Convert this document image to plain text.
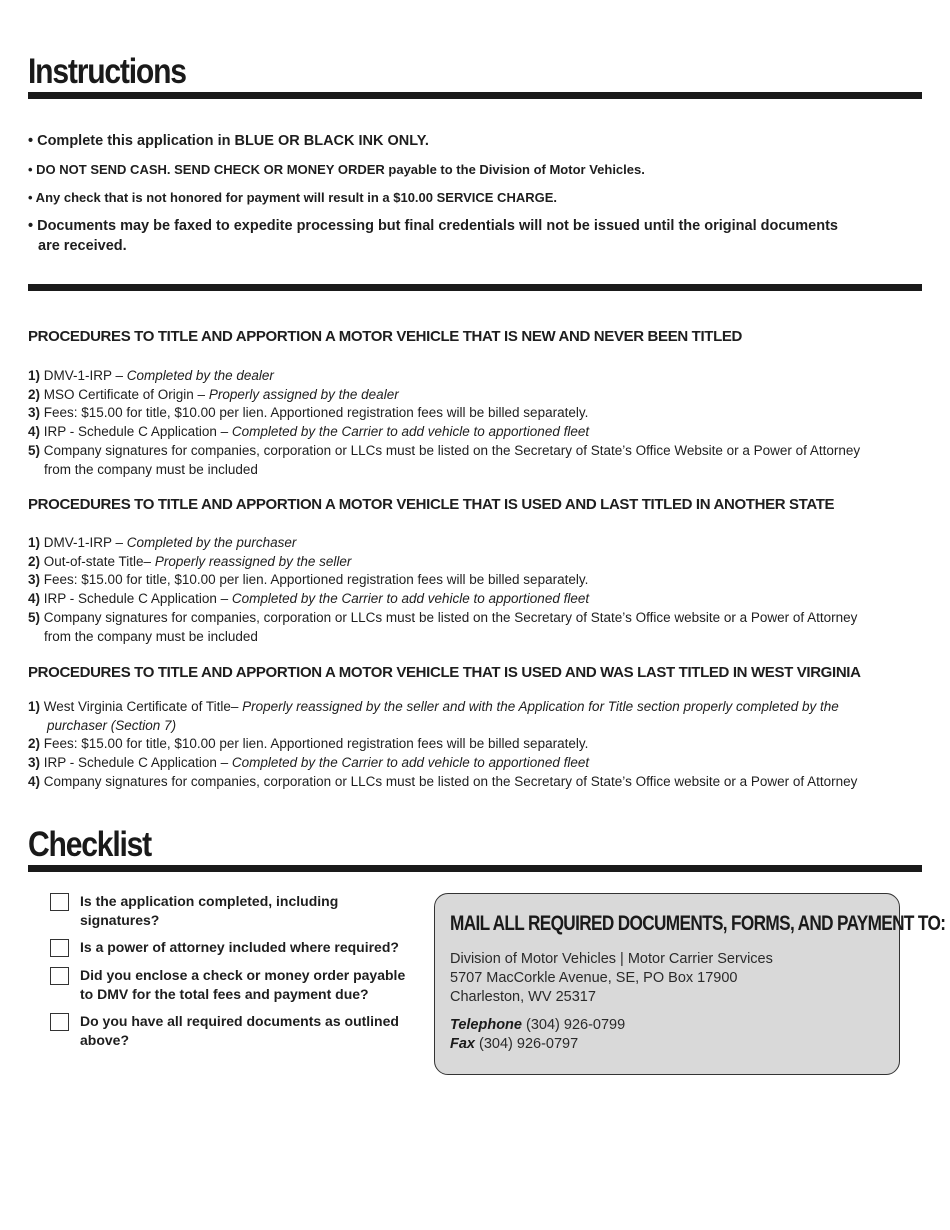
Instructions
• Complete this application in BLUE OR BLACK INK ONLY.
• DO NOT SEND CASH. SEND CHECK OR MONEY ORDER payable to the Division of Motor Vehicles.
• Any check that is not honored for payment will result in a $10.00 SERVICE CHARGE.
• Documents may be faxed to expedite processing but final credentials will not be issued until the original documents
are received.
PROCEDURES TO TITLE AND APPORTION A MOTOR VEHICLE THAT IS NEW AND NEVER BEEN TITLED
1) DMV-1-IRP – Completed by the dealer
2) MSO Certificate of Origin – Properly assigned by the dealer
3) Fees: $15.00 for title, $10.00 per lien. Apportioned registration fees will be billed separately.
4) IRP - Schedule C Application – Completed by the Carrier to add vehicle to apportioned fleet
5) Company signatures for companies, corporation or LLCs must be listed on the Secretary of State’s Office Website or a Power of Attorney
from the company must be included
PROCEDURES TO TITLE AND APPORTION A MOTOR VEHICLE THAT IS USED AND LAST TITLED IN ANOTHER STATE
1) DMV-1-IRP – Completed by the purchaser
2) Out-of-state Title– Properly reassigned by the seller
3) Fees: $15.00 for title, $10.00 per lien. Apportioned registration fees will be billed separately.
4) IRP - Schedule C Application – Completed by the Carrier to add vehicle to apportioned fleet
5) Company signatures for companies, corporation or LLCs must be listed on the Secretary of State’s Office website or a Power of Attorney
from the company must be included
PROCEDURES TO TITLE AND APPORTION A MOTOR VEHICLE THAT IS USED AND WAS LAST TITLED IN WEST VIRGINIA
1) West Virginia Certificate of Title– Properly reassigned by the seller and with the Application for Title section properly completed by the
purchaser (Section 7)
2) Fees: $15.00 for title, $10.00 per lien. Apportioned registration fees will be billed separately.
3) IRP - Schedule C Application – Completed by the Carrier to add vehicle to apportioned fleet
4) Company signatures for companies, corporation or LLCs must be listed on the Secretary of State’s Office website or a Power of Attorney
Checklist
Is the application completed, including signatures?
Is a power of attorney included where required?
Did you enclose a check or money order payable to DMV for the total fees and payment due?
Do you have all required documents as outlined above?
MAIL ALL REQUIRED DOCUMENTS, FORMS, AND PAYMENT TO:
Division of Motor Vehicles | Motor Carrier Services
5707 MacCorkle Avenue, SE, PO Box 17900
Charleston, WV 25317
Telephone (304) 926-0799
Fax (304) 926-0797
